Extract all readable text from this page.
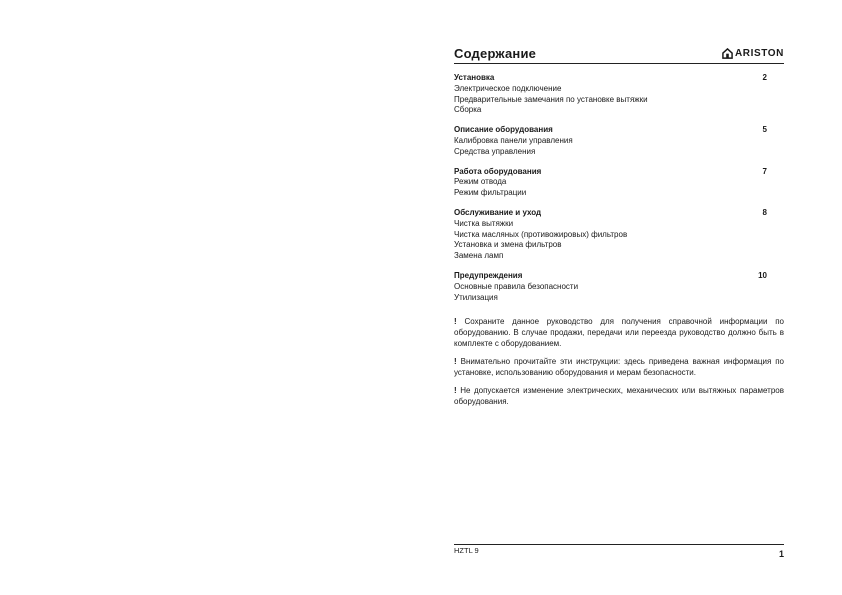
Содержание	ARISTON
Установка	2
Электрическое подключение
Предварительные замечания по установке вытяжки
Сборка
Описание оборудования	5
Калибровка панели управления
Средства управления
Работа оборудования	7
Режим отвода
Режим фильтрации
Обслуживание и уход	8
Чистка вытяжки
Чистка масляных (противожировых) фильтров
Установка и змена фильтров
Замена ламп
Предупреждения	10
Основные правила безопасности
Утилизация
! Сохраните данное руководство для получения справочной информации по оборудованию. В случае продажи, передачи или переезда руководство должно быть в комплекте с оборудованием.
! Внимательно прочитайте эти инструкции: здесь приведена важная информация по установке, использованию оборудования и мерам безопасности.
! Не допускается изменение электрических, механических или вытяжных параметров оборудования.
HZTL 9	1
